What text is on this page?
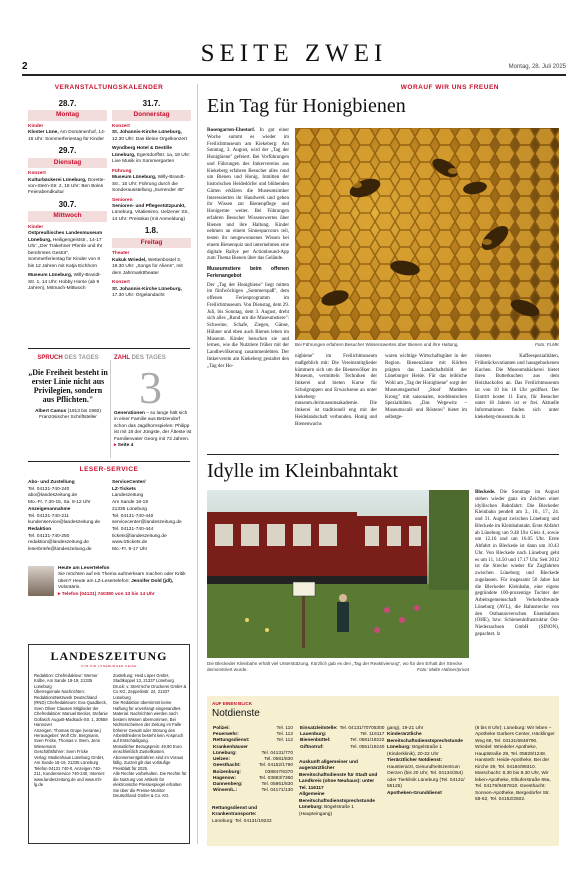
SEITE ZWEI
2	Montag, 28. Juli 2025
VERANSTALTUNGSKALENDER
28.7.
Montag
Kinder
Kloster Lüne, Am Domänenhof, 14-16 Uhr: Sommerferientag für Kinder
29.7.
Dienstag
Konzert
Kulturbäckerei Lüneburg, Dorette-von-Stern-Str. 2, 18 Uhr: Ben Boles Feierabendkultur
30.7.
Mittwoch
Kinder
Ostpreußisches Landesmuseum Lüneburg, Heiligengeiststr., 14-17 Uhr: „Der Trakehner Pferde und Ihr berühmtes Gestüt", Sommerferientag für Kinder von 8 bis 12 Jahren mit Katja Eichhorn
Museum Lüneburg, Willy-Brandt-Str. 1, 14 Uhr: Hobby Horse (ab 9 Jahren), Mitmach-Mittwoch
31.7.
Donnerstag
Konzert
St. Johannis-Kirche Lüneburg, 12.30 Uhr: Das kleine Orgelkonzert
Wyndberg Hotel & Destille Lüneburg, Egersdorffstr. 1a, 18 Uhr: Live Musik im Sommergarten
Führung
Museum Lüneburg, Willy-Brandt-Str., 15 Uhr: Führung durch die Sonderausstellung „Surrender 45"
Senioren
Senioren- und Pflegestützpunkt, Lüneburg, Vitaliesimo, Uelzener Str., 14 Uhr: Preisskat (mit Anmeldung)
1.8.
Freitag
Theater
Kukuk Wriedel, Wettenbostel 3, 19.30 Uhr: „Songs for Aliens", mit dem Jahrmarkttheater
Konzert
St. Johannis-Kirche Lüneburg, 17.30 Uhr: Orgelandacht
SPRUCH DES TAGES
„Die Freiheit besteht in erster Linie nicht aus Privilegien, sondern aus Pflichten."
Albert Camus (1913 bis 1960)
Französischer Schriftsteller
ZAHL DES TAGES
3
Generationen – so lange hält sich in einer Familie aus Betzendorf schon das Jagdhornspielen: Philipp ist mit 18 der Jüngste, der Älteste ist Familienvater Georg mit 73 Jahren. ▸ Seite 4
LESER-SERVICE
Abo- und Zustellung
Tel. 04131-740-240
abo@landeszeitung.de
Mo.-Fr. 7.30-15, Sa. 8-12 Uhr
Anzeigenannahme
Tel. 04131-740-211
kundenservice@landeszeitung.de
Redaktion
Tel. 04131-740-250
redaktion@landeszeitung.de
leserbriefe@landeszeitung.de
ServiceCenter/
LZ-Tickets
Landeszeitung
Am Sande 18-19
21335 Lüneburg
Tel. 04131-740-440
servicecenter@landeszeitung.de
Tel. 04131-740-444
tickets@landeszeitung.de
www.lztickets.de
Mo.-Fr. 9-17 Uhr
Heute am Lesertelefon
Sie möchten auf ein Thema aufmerksam machen oder Kritik üben? Heute am LZ-Lesertelefon: Jennifer Dold (jdl), Volontärin.
▸ Telefon (04131) 740380 von 13 bis 14 Uhr
LANDESZEITUNG
FÜR DIE LÜNEBURGER HEIDE
Redaktion: Chefredakteur: Werner Kolbe, Am Sande 18-19, 21335 Lüneburg
Überregionale Nachrichten: RedaktionsNetzwerk Deutschland (RND) Chefredakteure: Eva Quadbeck, Sven Oliver Clausen Mitglieder der Chefredaktion: Manuel Becker, Stefanie Gollasch August-Madsack-Str. 1, 30559 Hannover
Anzeigen: Thomas Grupe (verantw.)
Herausgeber: Wolf Chr. Bergmann, Sven Fricke, Thomas v. Stern, Jens Wiesemann
Geschäftsführer: Sven Fricke
Verlag: Medienhaus Lüneburg GmbH, Am Sande 18-19, 21335 Lüneburg Telefon 04131 740-0, Anzeigen 740-211, Kundenservice 740-240, Internet: www.landeszeitung.de und www.mh-lg.de
Zustellung: Heid Lüper GmbH, Stadtkoppel 13, 21337 Lüneburg
Druck: v. Stern'sche Druckerei GmbH & Co KG, Zeppelinstr. 24, 21337 Lüneburg
Die Redaktion übernimmt keine Haftung für unverlangt eingesandtes Material. Nachrichten werden nach bestem Wissen übernommen. Bei Nichterscheinen der Zeitung im Falle höherer Gewalt oder Störung des Arbeitsfriedens besteht kein Anspruch auf Entschädigung.
Monatlicher Bezugspreis: 49,90 Euro einschließlich Zustellkosten. Abonnementgebühren sind im Voraus fällig. Zurzeit gilt das vorläufige Preisblatt für 2025.
Alle Rechte vorbehalten. Die Rechte für die Nutzung von Artikeln für elektronische Pressespiegel erhalten Sie über die Presse-Monitor Deutschland GmbH & Co. KG.
WORAUF WIR UNS FREUEN
Ein Tag für Honigbienen
Rosengarten-Ehestorf. In gut einer Woche summt es wieder im Freilichtmuseum am Kiekeberg: Am Sonntag, 3. August, wird der „Tag der Honigbiene" gefeiert. Bei Vorführungen und Führungen des Imkervereins aus Kiekeberg erfahren Besucher alles rund um Bienen und Honig. Inmitten der historischen Heidedörfer und blühenden Gärten erklären die Museumsimker Interessierten ihr Handwerk und geben ihr Wissen zur Bienenpflege und Honigernte weiter. Bei Führungen erfahren Besucher Wissenswertes über Bienen und ihre Haltung. Kinder nehmen an einem Sinnesparcours teil, testen ihr neugewonnenes Wissen bei einem Bienenquiz und unternehmen eine digitale Rallye per Actionbound-App zum Thema Bienen über das Gelände.
Museumstiere beim offenen Ferienangebot
Der „Tag der Honigbiene" liegt mitten im fünfwöchigen „Sommerspaß", dem offenen Ferienprogramm im Freilichtmuseum. Von Dienstag, dem 29. Juli, bis Sonntag, dem 3. August, dreht sich alles „Rund um die Museumstiere": Schweine, Schafe, Ziegen, Gänse, Hühner und eben auch Bienen leben im Museum. Kinder besuchen sie und lernen, wie die Nutztiere früher mit der Landbevölkerung zusammenlebten. Der Imkerverein am Kiekeberg gestaltet den „Tag der Ho-
Bei Führungen erfahren Besucher Wissenswertes über Bienen und ihre Haltung.	Foto: FLMK
nigbiene" im Freilichtmuseum maßgeblich mit: Die Vereinsmitglieder kümmern sich um die Bienenvölker im Museum, vermitteln Techniken der Imkerei und bieten Kurse für Schulgruppen und Erwachsene an unter kiekeberg-museum.de/museumsakademie. Die Imkerei ist traditionell eng mit der Heidelandschaft verbunden. Honig und Bienenwachs
waren wichtige Wirtschaftsgüter in der Region. Bienenzäune mit Körben prägten das Landschaftsbild der Lüneburger Heide. Für das leibliche Wohl am „Tag der Honigbiene" sorgt der Museumsgasthof „Stoof Mudders Kroog" mit saisonalen, norddeutschen Spezialitäten. „Das Wegewitz – Museumscafé und Rösterei" bietet im selbstge-
rösteten Kaffeespezialitäten, Frühstücksvarianten und hausgebackenen Kuchen. Die Museumsbäckerei bietet ihren Butterkuchen aus dem Holzbackofen an. Das Freilichtmuseum ist von 10 bis 18 Uhr geöffnet. Der Eintritt kostet 11 Euro, für Besucher unter 18 Jahren ist er frei. Aktuelle Informationen finden sich unter kiekeberg-museum.de. lz
Idylle im Kleinbahntakt
Die Bleckeder Kleinbahn erhält viel Unterstützung. Kürzlich gab es den „Tag der Reaktivierung", wo für den Erhalt der Strecke demonstriert wurde.	Foto: Malte Hübner/privat
Bleckede. Die Sonntage im August stehen wieder ganz im Zeichen einer idyllischen Bahnfahrt: Die Bleckeder Kleinbahn pendelt am 3., 10., 17., 24. und 31. August zwischen Lüneburg und Bleckede im Kleinbahntakt. Erste Abfahrt ab Lüneburg um 9.48 Uhr Gleis 4, sowie um 12.16 und um 16.05 Uhr. Erste Abfahrt in Bleckede ist dann um 10.43 Uhr. Von Bleckede nach Lüneburg geht es um 11, 14.50 und 17.17 Uhr. Seit 2012 ist die Strecke wieder für Zugfahrten zwischen Lüneburg und Bleckede zugelassen. Für insgesamt 50 Jahre hat die Bleckeder Kleinbahn, eine eigens gegründete 100-prozentige Tochter der Arbeitsgemeinschaft Verkehrsfreunde Lüneburg (AVL), die Bahnstrecke von den Osthannoverschen Eisenbahnen (OHE), bzw. Schieneninfrastruktur Ost-Niedersachsen GmbH (SINON), gepachtet. lz
AUF EINEN BLICK
Notdienste
Polizei:	Tel. 110
Feuerwehr:	Tel. 112
Rettungsdienst:	Tel. 112
Krankenhäuser	
Lüneburg:	Tel. 04131/770
Uelzen:	Tel. 0581/830
Geesthacht:	Tel. 04152/1790
Boizenburg:	038847/6370
Hagenow:	Tel. 03883/7360
Dannenberg:	Tel. 05861/830
Winsen/L.:	Tel. 04171/130
Rettungsdienst und Krankentransporte:
Lüneburg: Tel. 04131/19222
Einsatzleitstelle:	Tel. 04131/70705300
Lauenburg:	Tel. 116117
Bienenbüttel:	Tel. 0581/19222
Giftnotruf:	Tel. 0551/19240
Auskunft allgemeiner und augenärztlicher Bereitschaftsdienste für Stadt und Landkreis (ohne Neuhaus): unter Tel. 116117
Allgemeine Bereitschaftsdienstsprechstunde Lüneburg: Bögelstraße 1 (Haupteingang)
gang), 19-21 Uhr
Kinderärztliche Bereitschaftsdienstsprechstunde Lüneburg: Bögelstraße 1 (Kinderklinik), 20-22 Uhr
Tierärztlicher Notdienst:
Haustierarzt, Gesundheitszentrum Oerzen (bis 20 Uhr, Tel. 04134/354) oder Tierklinik Lüneburg (Tel. 04131/ 55125)
Apotheken-Grunddienst
(8 bis 8 Uhr): Lüneburg: Wir leben – Apotheke Garbers Center, Häcklinger Weg 66, Tel. 04131/6848790. Wriedel: Wriedeler Apotheke, Hauptstraße 29, Tel. 05829/1248. Hansteth: Heide-Apotheke, Bei der Kirche 39, Tel. 04184/89310. Marschacht: 8.30 bis 8.30 Uhr, Wir leben-Apotheke, Elbuferstraße 86a, Tel. 04176/9487810. Geesthacht: Sonnen-Apotheke, Bergedorfer Str. 58-62, Tel. 04152/2502.
